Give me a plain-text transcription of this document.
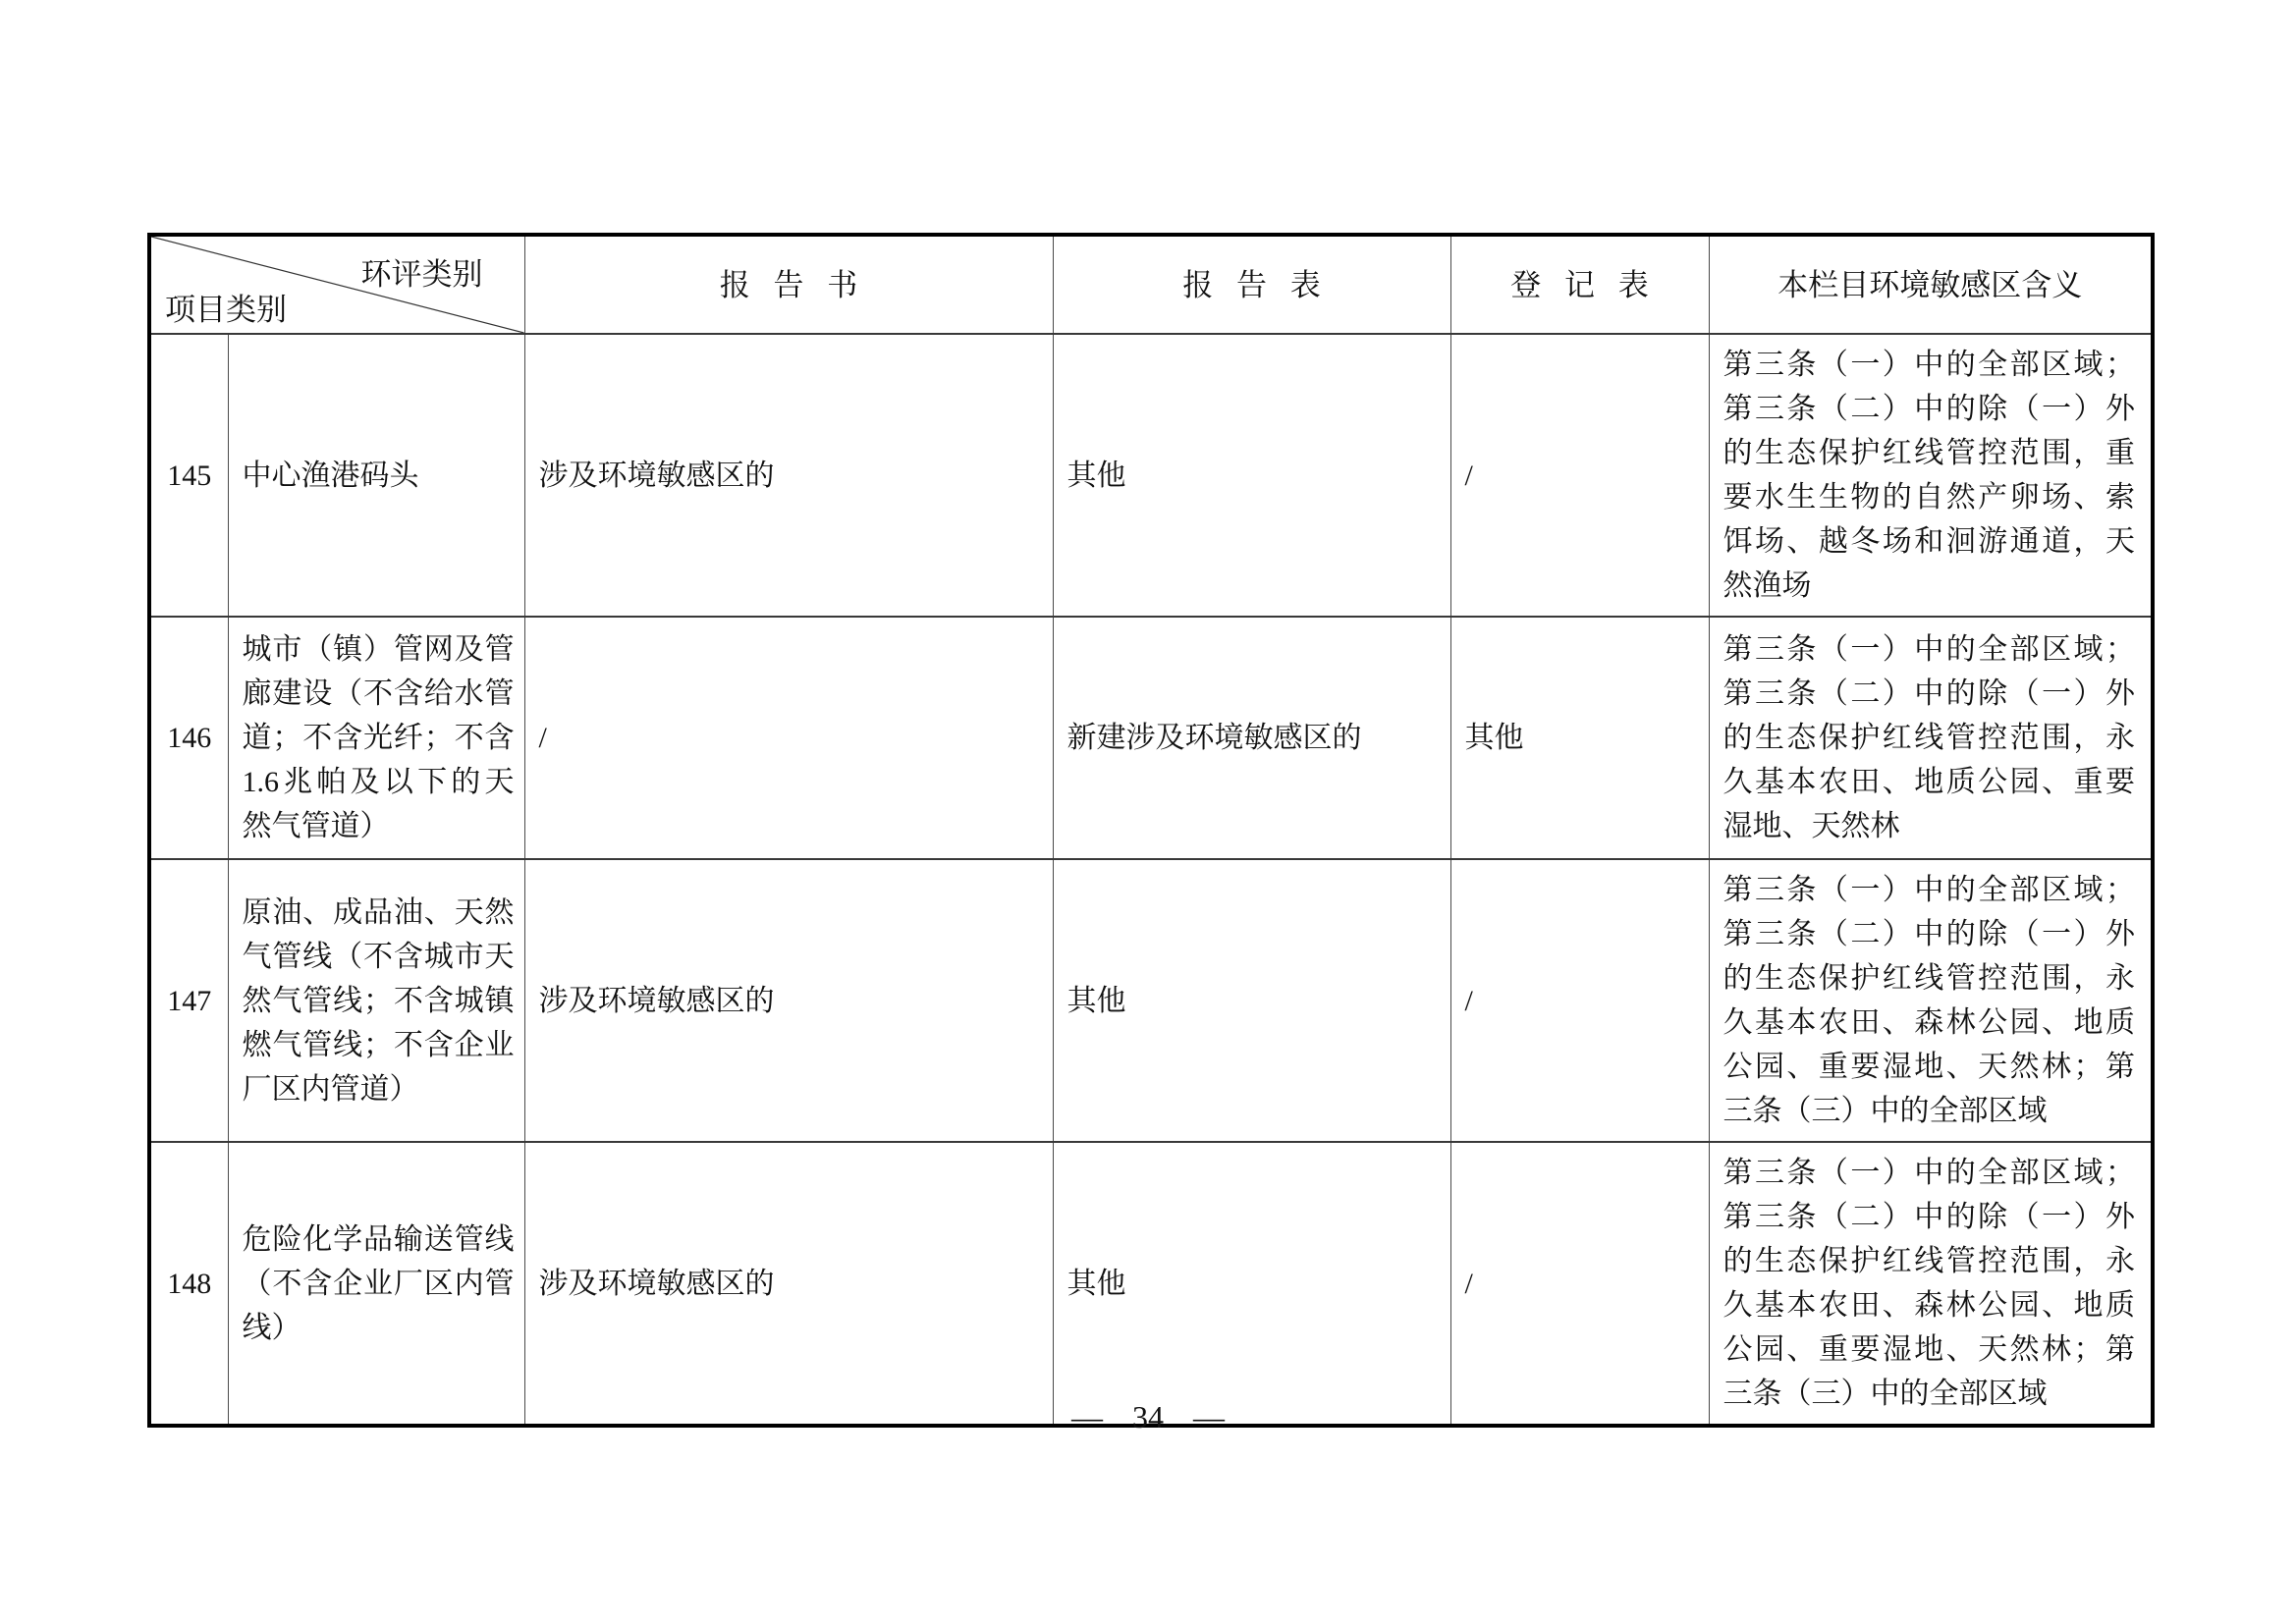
环评类别
项目类别		报 告 书	报 告 表	登 记 表	本栏目环境敏感区含义
145	中心渔港码头	涉及环境敏感区的	其他	/	第三条（一）中的全部区域；第三条（二）中的除（一）外的生态保护红线管控范围，重要水生生物的自然产卵场、索饵场、越冬场和洄游通道，天然渔场
146	城市（镇）管网及管廊建设（不含给水管道；不含光纤；不含1.6兆帕及以下的天然气管道）	/	新建涉及环境敏感区的	其他	第三条（一）中的全部区域；第三条（二）中的除（一）外的生态保护红线管控范围，永久基本农田、地质公园、重要湿地、天然林
147	原油、成品油、天然气管线（不含城市天然气管线；不含城镇燃气管线；不含企业厂区内管道）	涉及环境敏感区的	其他	/	第三条（一）中的全部区域；第三条（二）中的除（一）外的生态保护红线管控范围，永久基本农田、森林公园、地质公园、重要湿地、天然林；第三条（三）中的全部区域
148	危险化学品输送管线（不含企业厂区内管线）	涉及环境敏感区的	其他	/	第三条（一）中的全部区域；第三条（二）中的除（一）外的生态保护红线管控范围，永久基本农田、森林公园、地质公园、重要湿地、天然林；第三条（三）中的全部区域
— 34 —
